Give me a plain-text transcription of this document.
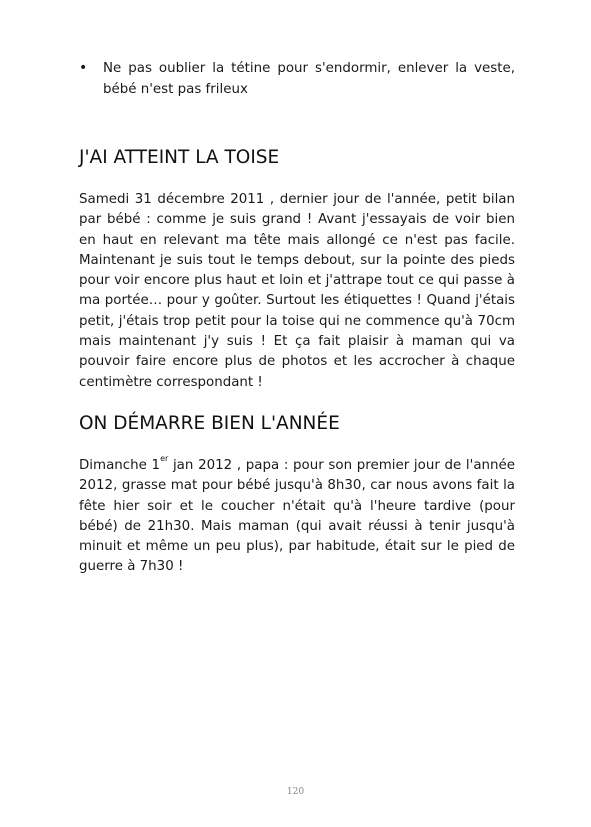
• Ne pas oublier la tétine pour s'endormir, enlever la veste, bébé n'est pas frileux
J'AI ATTEINT LA TOISE
Samedi 31 décembre 2011 , dernier jour de l'année, petit bilan par bébé : comme je suis grand ! Avant j'essayais de voir bien en haut en relevant ma tête mais allongé ce n'est pas facile. Maintenant je suis tout le temps debout, sur la pointe des pieds pour voir encore plus haut et loin et j'attrape tout ce qui passe à ma portée… pour y goûter. Surtout les étiquettes ! Quand j'étais petit, j'étais trop petit pour la toise qui ne commence qu'à 70cm mais maintenant j'y suis ! Et ça fait plaisir à maman qui va pouvoir faire encore plus de photos et les accrocher à chaque centimètre correspondant !
ON DÉMARRE BIEN L'ANNÉE
Dimanche 1er jan 2012 , papa : pour son premier jour de l'année 2012, grasse mat pour bébé jusqu'à 8h30, car nous avons fait la fête hier soir et le coucher n'était qu'à l'heure tardive (pour bébé) de 21h30. Mais maman (qui avait réussi à tenir jusqu'à minuit et même un peu plus), par habitude, était sur le pied de guerre à 7h30 !
120
